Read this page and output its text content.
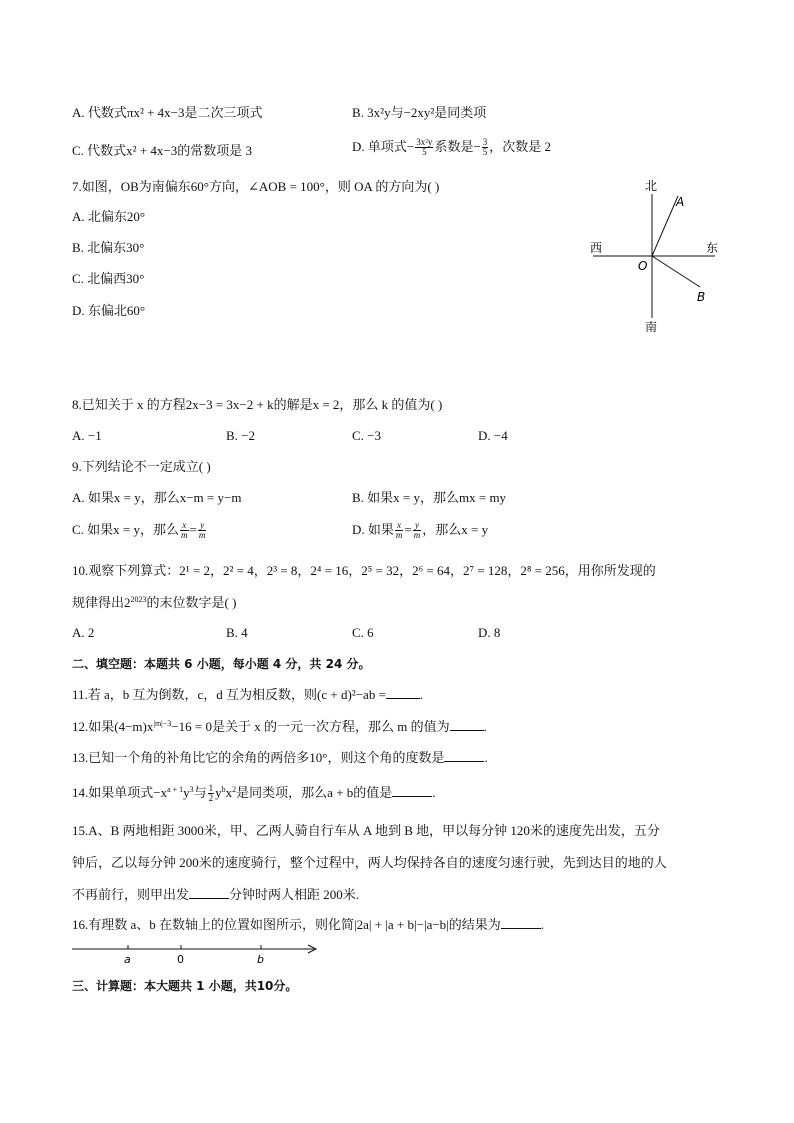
A. 代数式πx² + 4x−3是二次三项式	B. 3x²y与−2xy²是同类项
C. 代数式x² + 4x−3的常数项是 3	D. 单项式− $\frac{\text{3x²y}}{5}$ 系数是− $\frac{3}{5}$ ，次数是 2
7.如图，OB为南偏东60°方向，∠AOB = 100°，则 OA 的方向为( )
A. 北偏东20°
B. 北偏东30°
C. 北偏西30°
D. 东偏北60°
北
南
西	东
O
A
B
8.已知关于 x 的方程2x−3 = 3x−2 + k的解是x = 2，那么 k 的值为( )
A. −1	B. −2	C. −3	D. −4
9.下列结论不一定成立( )
A. 如果x = y，那么x−m = y−m	B. 如果x = y，那么mx = my
C. 如果x = y，那么 $\frac{x}{m} = \frac{y}{m}$	D. 如果 $\frac{x}{m} = \frac{y}{m}$ ，那么x = y
10.观察下列算式：2¹ = 2，2² = 4，2³ = 8，2⁴ = 16，2⁵ = 32，2⁶ = 64，2⁷ = 128，2⁸ = 256，用你所发现的
规律得出$2^{2023}$的末位数字是( )
A. 2	B. 4	C. 6	D. 8
二、填空题：本题共 6 小题，每小题 4 分，共 24 分。
11.若 a，b 互为倒数，c，d 互为相反数，则(c + d)²−ab =	.
12.如果$(4-m)x^{|m|-3}-16 = 0$是关于 x 的一元一次方程，那么 m 的值为	.
13.已知一个角的补角比它的余角的两倍多10°，则这个角的度数是	.
14.如果单项式$-x^{a + 1}y^3$与 $\frac{1}{2} y^bx^2$是同类项，那么a + b的值是	.
15.A、B 两地相距 3000米，甲、乙两人骑自行车从 A 地到 B 地，甲以每分钟 120米的速度先出发，五分
钟后，乙以每分钟 200米的速度骑行，整个过程中，两人均保持各自的速度匀速行驶，先到达目的地的人
不再前行，则甲出发	分钟时两人相距 200米.
16.有理数 a、b 在数轴上的位置如图所示，则化简|2a| + |a + b|−|a−b|的结果为	.
a	0	b
三、计算题：本大题共 1 小题，共10分。
